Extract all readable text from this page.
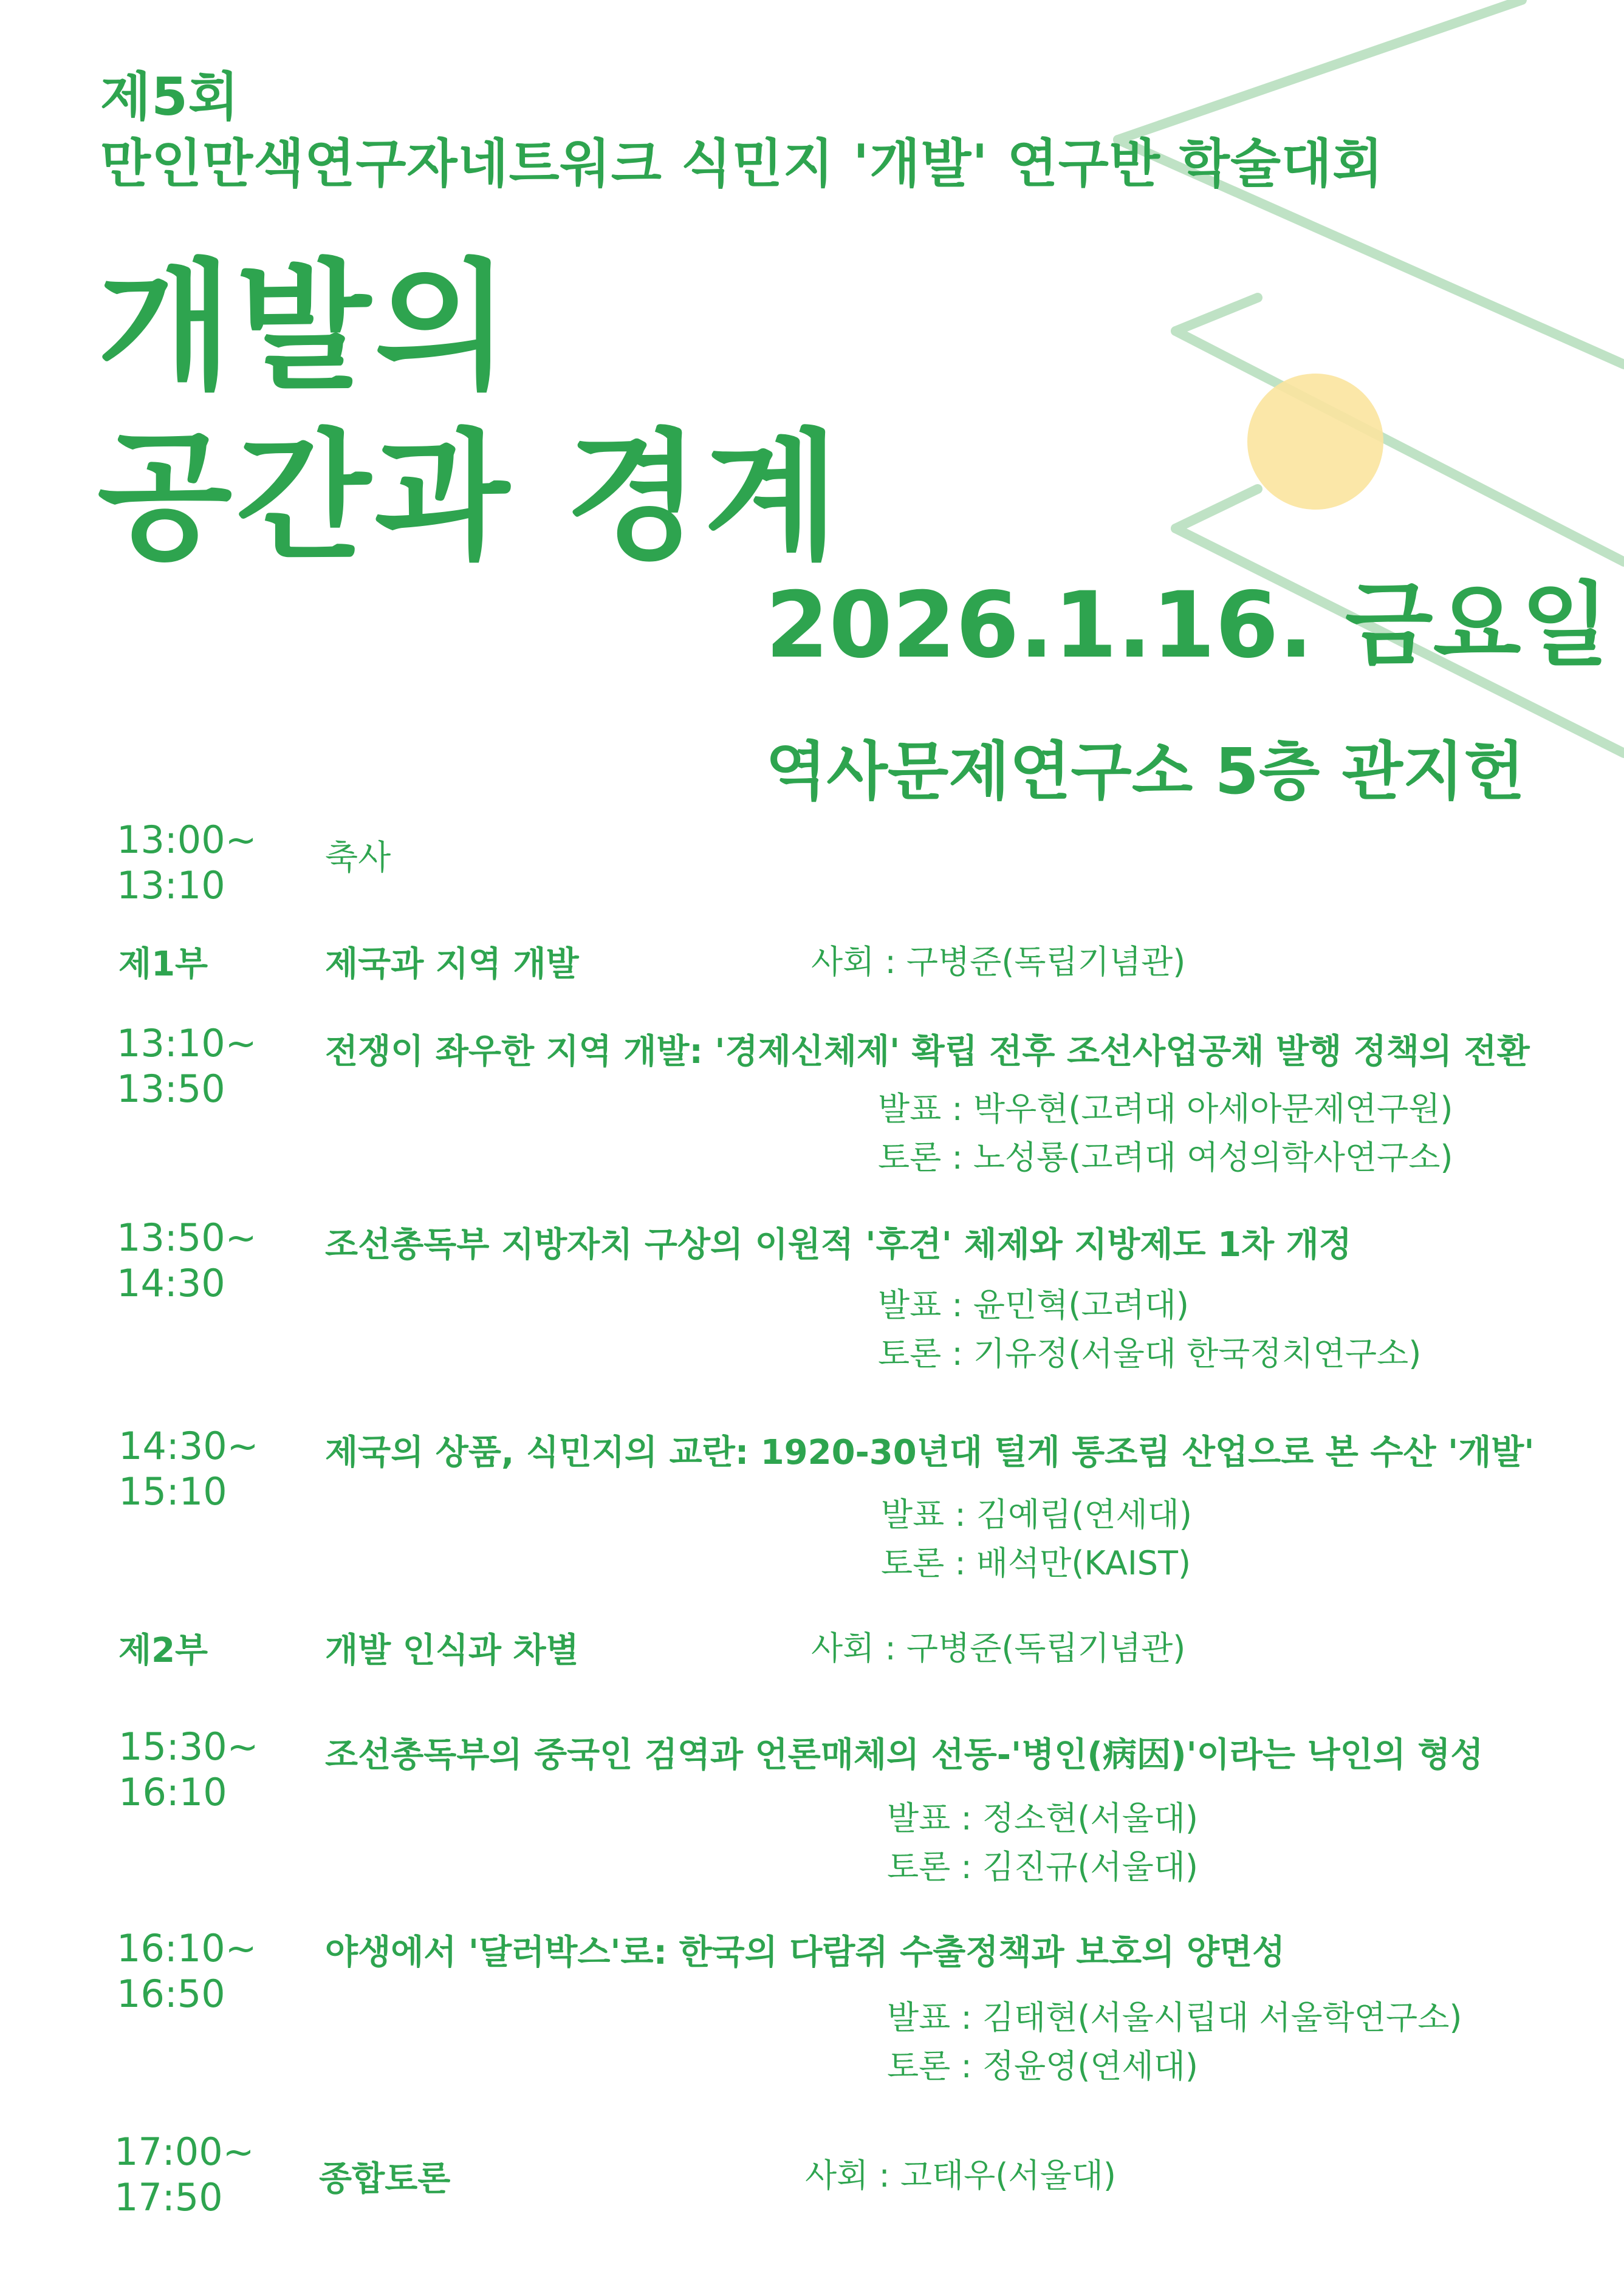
제5회
만인만색연구자네트워크 식민지 '개발' 연구반 학술대회
개발의
공간과 경계
2026.1.16. 금요일
역사문제연구소 5층 관지헌
13:00~
13:10
축사
제1부	제국과 지역 개발	사회 : 구병준(독립기념관)
13:10~
13:50
전쟁이 좌우한 지역 개발: '경제신체제' 확립 전후 조선사업공채 발행 정책의 전환
발표 : 박우현(고려대 아세아문제연구원)
토론 : 노성룡(고려대 여성의학사연구소)
13:50~
14:30
조선총독부 지방자치 구상의 이원적 '후견' 체제와 지방제도 1차 개정
발표 : 윤민혁(고려대)
토론 : 기유정(서울대 한국정치연구소)
14:30~
15:10
제국의 상품, 식민지의 교란: 1920-30년대 털게 통조림 산업으로 본 수산 '개발'
발표 : 김예림(연세대)
토론 : 배석만(KAIST)
제2부	개발 인식과 차별	사회 : 구병준(독립기념관)
15:30~
16:10
조선총독부의 중국인 검역과 언론매체의 선동-'병인(病因)'이라는 낙인의 형성
발표 : 정소현(서울대)
토론 : 김진규(서울대)
16:10~
16:50
야생에서 '달러박스'로: 한국의 다람쥐 수출정책과 보호의 양면성
발표 : 김태현(서울시립대 서울학연구소)
토론 : 정윤영(연세대)
17:00~
17:50	종합토론	사회 : 고태우(서울대)
